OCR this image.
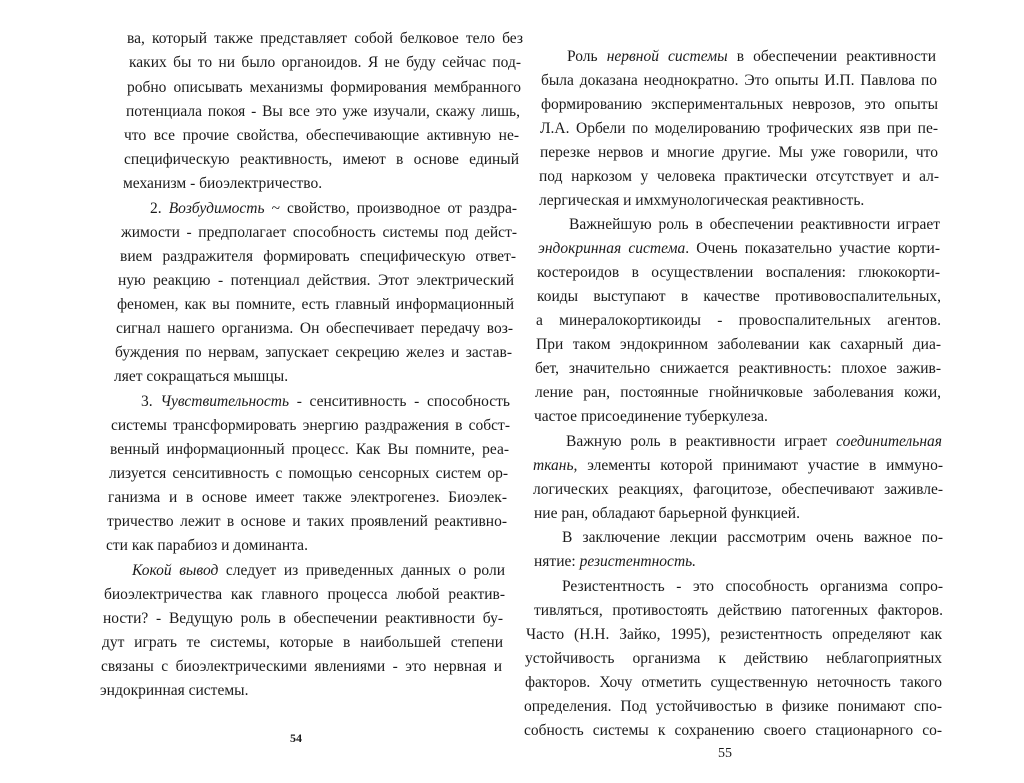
ва, который также представляет собой белковое тело без
каких бы то ни было органоидов. Я не буду сейчас под-
робно описывать механизмы формирования мембранного
потенциала покоя - Вы все это уже изучали, скажу лишь,
что все прочие свойства, обеспечивающие активную не-
специфическую реактивность, имеют в основе единый
механизм - биоэлектричество.
2. Возбудимость ~ свойство, производное от раздра-
жимости - предполагает способность системы под дейст-
вием раздражителя формировать специфическую ответ-
ную реакцию - потенциал действия. Этот электрический
феномен, как вы помните, есть главный информационный
сигнал нашего организма. Он обеспечивает передачу воз-
буждения по нервам, запускает секрецию желез и застав-
ляет сокращаться мышцы.
3. Чувствительность - сенситивность - способность
системы трансформировать энергию раздражения в собст-
венный информационный процесс. Как Вы помните, реа-
лизуется сенситивность с помощью сенсорных систем ор-
ганизма и в основе имеет также электрогенез. Биоэлек-
тричество лежит в основе и таких проявлений реактивно-
сти как парабиоз и доминанта.
Кокой вывод следует из приведенных данных о роли
биоэлектричества как главного процесса любой реактив-
ности? - Ведущую роль в обеспечении реактивности бу-
дут играть те системы, которые в наибольшей степени
связаны с биоэлектрическими явлениями - это нервная и
эндокринная системы.
54
Роль нервной системы в обеспечении реактивности
была доказана неоднократно. Это опыты И.П. Павлова по
формированию экспериментальных неврозов, это опыты
Л.А. Орбели по моделированию трофических язв при пе-
перезке нервов и многие другие. Мы уже говорили, что
под наркозом у человека практически отсутствует и ал-
лергическая и имхмунологическая реактивность.
Важнейшую роль в обеспечении реактивности играет
эндокринная система. Очень показательно участие корти-
костероидов в осуществлении воспаления: глюкокорти-
коиды выступают в качестве противовоспалительных,
а минералокортикоиды - провоспалительных агентов.
При таком эндокринном заболевании как сахарный диа-
бет, значительно снижается реактивность: плохое зажив-
ление ран, постоянные гнойничковые заболевания кожи,
частое присоединение туберкулеза.
Важную роль в реактивности играет соединительная
ткань, элементы которой принимают участие в иммуно-
логических реакциях, фагоцитозе, обеспечивают заживле-
ние ран, обладают барьерной функцией.
В заключение лекции рассмотрим очень важное по-
нятие: резистентность.
Резистентность - это способность организма сопро-
тивляться, противостоять действию патогенных факторов.
Часто (Н.Н. Зайко, 1995), резистентность определяют как
устойчивость организма к действию неблагоприятных
факторов. Хочу отметить существенную неточность такого
определения. Под устойчивостью в физике понимают спо-
собность системы к сохранению своего стационарного со-
55
